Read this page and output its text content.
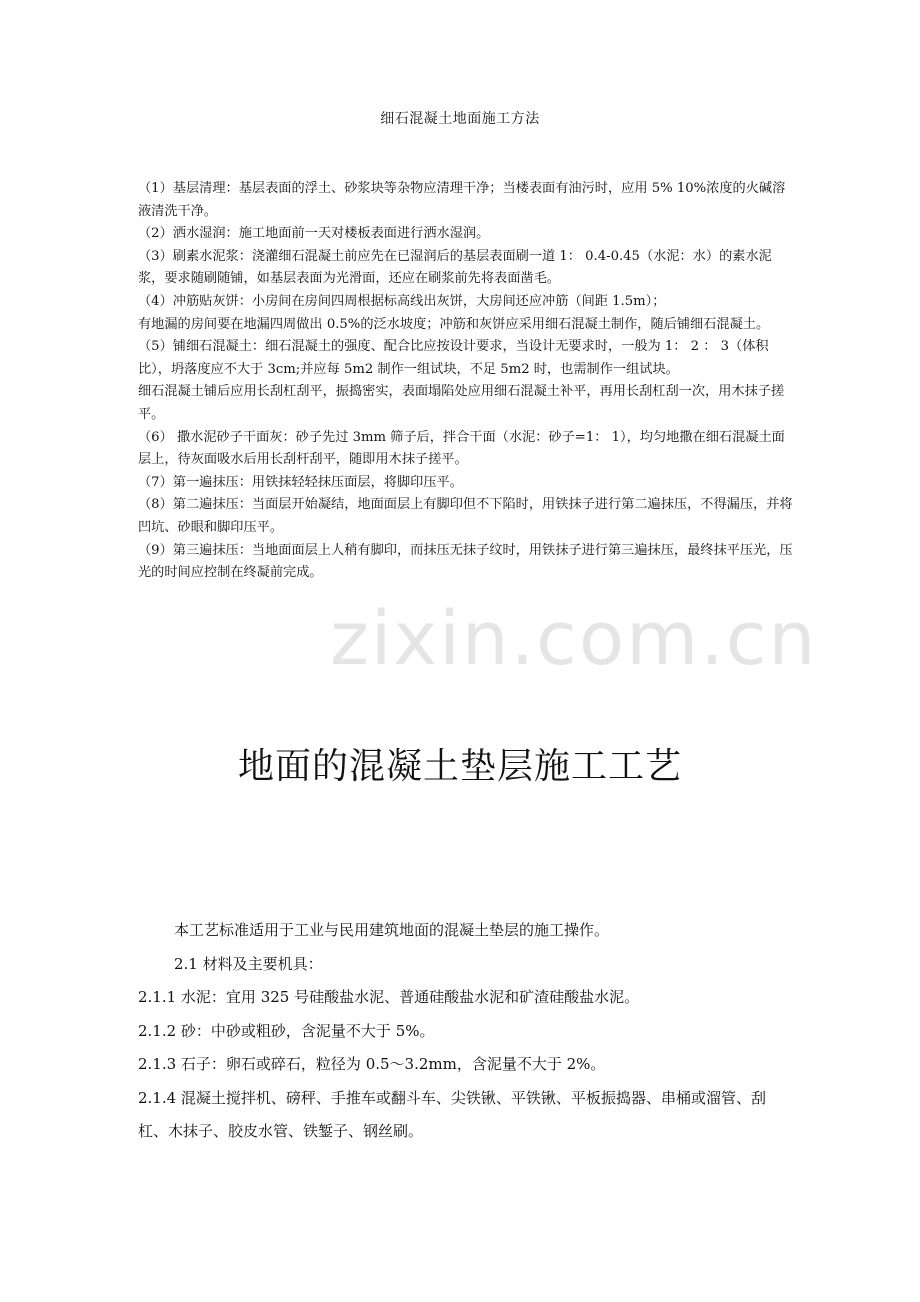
细石混凝土地面施工方法

（1）基层清理：基层表面的浮土、砂浆块等杂物应清理干净；当楼表面有油污时，应用 5% 10%浓度的火碱溶液清洗干净。

（2）洒水湿润：施工地面前一天对楼板表面进行洒水湿润。

（3）刷素水泥浆：浇灌细石混凝土前应先在已湿润后的基层表面刷一道 1： 0.4-0.45（水泥：水）的素水泥浆，要求随刷随铺，如基层表面为光滑面，还应在刷浆前先将表面凿毛。

（4）冲筋贴灰饼：小房间在房间四周根据标高线出灰饼，大房间还应冲筋（间距 1.5m）；

有地漏的房间要在地漏四周做出 0.5%的泛水坡度；冲筋和灰饼应采用细石混凝土制作，随后铺细石混凝土。

（5）铺细石混凝土：细石混凝土的强度、配合比应按设计要求，当设计无要求时，一般为 1： 2 ： 3（体积比），坍落度应不大于 3cm;并应每 5m2 制作一组试块，不足 5m2 时，也需制作一组试块。

细石混凝土铺后应用长刮杠刮平，振捣密实，表面塌陷处应用细石混凝土补平，再用长刮杠刮一次，用木抹子搓平。

（6） 撒水泥砂子干面灰：砂子先过 3mm 筛子后，拌合干面（水泥：砂子=1： 1），均匀地撒在细石混凝土面层上，待灰面吸水后用长刮杆刮平，随即用木抹子搓平。

（7）第一遍抹压：用铁抹轻轻抹压面层，将脚印压平。

（8）第二遍抹压：当面层开始凝结，地面面层上有脚印但不下陷时，用铁抹子进行第二遍抹压，不得漏压，并将凹坑、砂眼和脚印压平。

（9）第三遍抹压：当地面面层上人稍有脚印，而抹压无抹子纹时，用铁抹子进行第三遍抹压，最终抹平压光，压光的时间应控制在终凝前完成。

zixin.com.cn
地面的混凝土垫层施工工艺

本工艺标准适用于工业与民用建筑地面的混凝土垫层的施工操作。

2.1 材料及主要机具：

2.1.1 水泥：宜用 325 号硅酸盐水泥、普通硅酸盐水泥和矿渣硅酸盐水泥。

2.1.2 砂：中砂或粗砂，含泥量不大于 5%。

2.1.3 石子：卵石或碎石，粒径为 0.5～3.2mm，含泥量不大于 2%。

2.1.4 混凝土搅拌机、磅秤、手推车或翻斗车、尖铁锹、平铁锹、平板振捣器、串桶或溜管、刮杠、木抹子、胶皮水管、铁錾子、钢丝刷。
